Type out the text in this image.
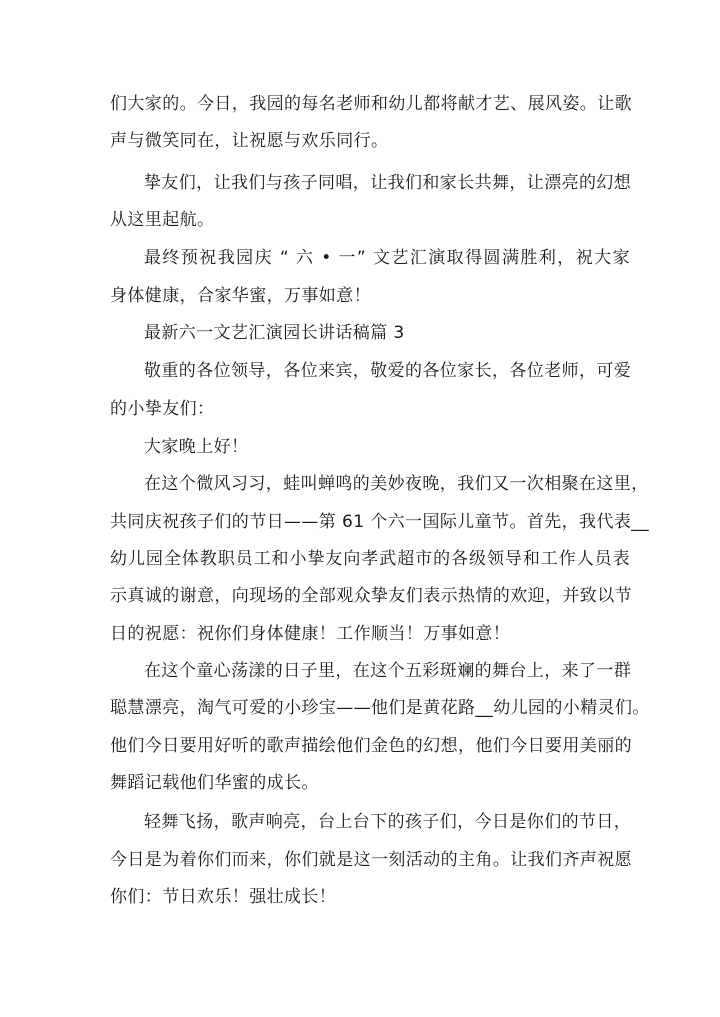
们大家的。今日，我园的每名老师和幼儿都将献才艺、展风姿。让歌
声与微笑同在，让祝愿与欢乐同行。
挚友们，让我们与孩子同唱，让我们和家长共舞，让漂亮的幻想
从这里起航。
最终预祝我园庆 “ 六 • 一” 文艺汇演取得圆满胜利，祝大家
身体健康，合家华蜜，万事如意！
最新六一文艺汇演园长讲话稿篇 3
敬重的各位领导，各位来宾，敬爱的各位家长，各位老师，可爱
的小挚友们：
大家晚上好！
在这个微风习习，蛙叫蝉鸣的美妙夜晚，我们又一次相聚在这里，
共同庆祝孩子们的节日——第 61 个六一国际儿童节。首先，我代表__
幼儿园全体教职员工和小挚友向孝武超市的各级领导和工作人员表
示真诚的谢意，向现场的全部观众挚友们表示热情的欢迎，并致以节
日的祝愿：祝你们身体健康！工作顺当！万事如意！
在这个童心荡漾的日子里，在这个五彩斑斓的舞台上，来了一群
聪慧漂亮，淘气可爱的小珍宝——他们是黄花路__幼儿园的小精灵们。
他们今日要用好听的歌声描绘他们金色的幻想，他们今日要用美丽的
舞蹈记载他们华蜜的成长。
轻舞飞扬，歌声响亮，台上台下的孩子们，今日是你们的节日，
今日是为着你们而来，你们就是这一刻活动的主角。让我们齐声祝愿
你们：节日欢乐！强壮成长！
